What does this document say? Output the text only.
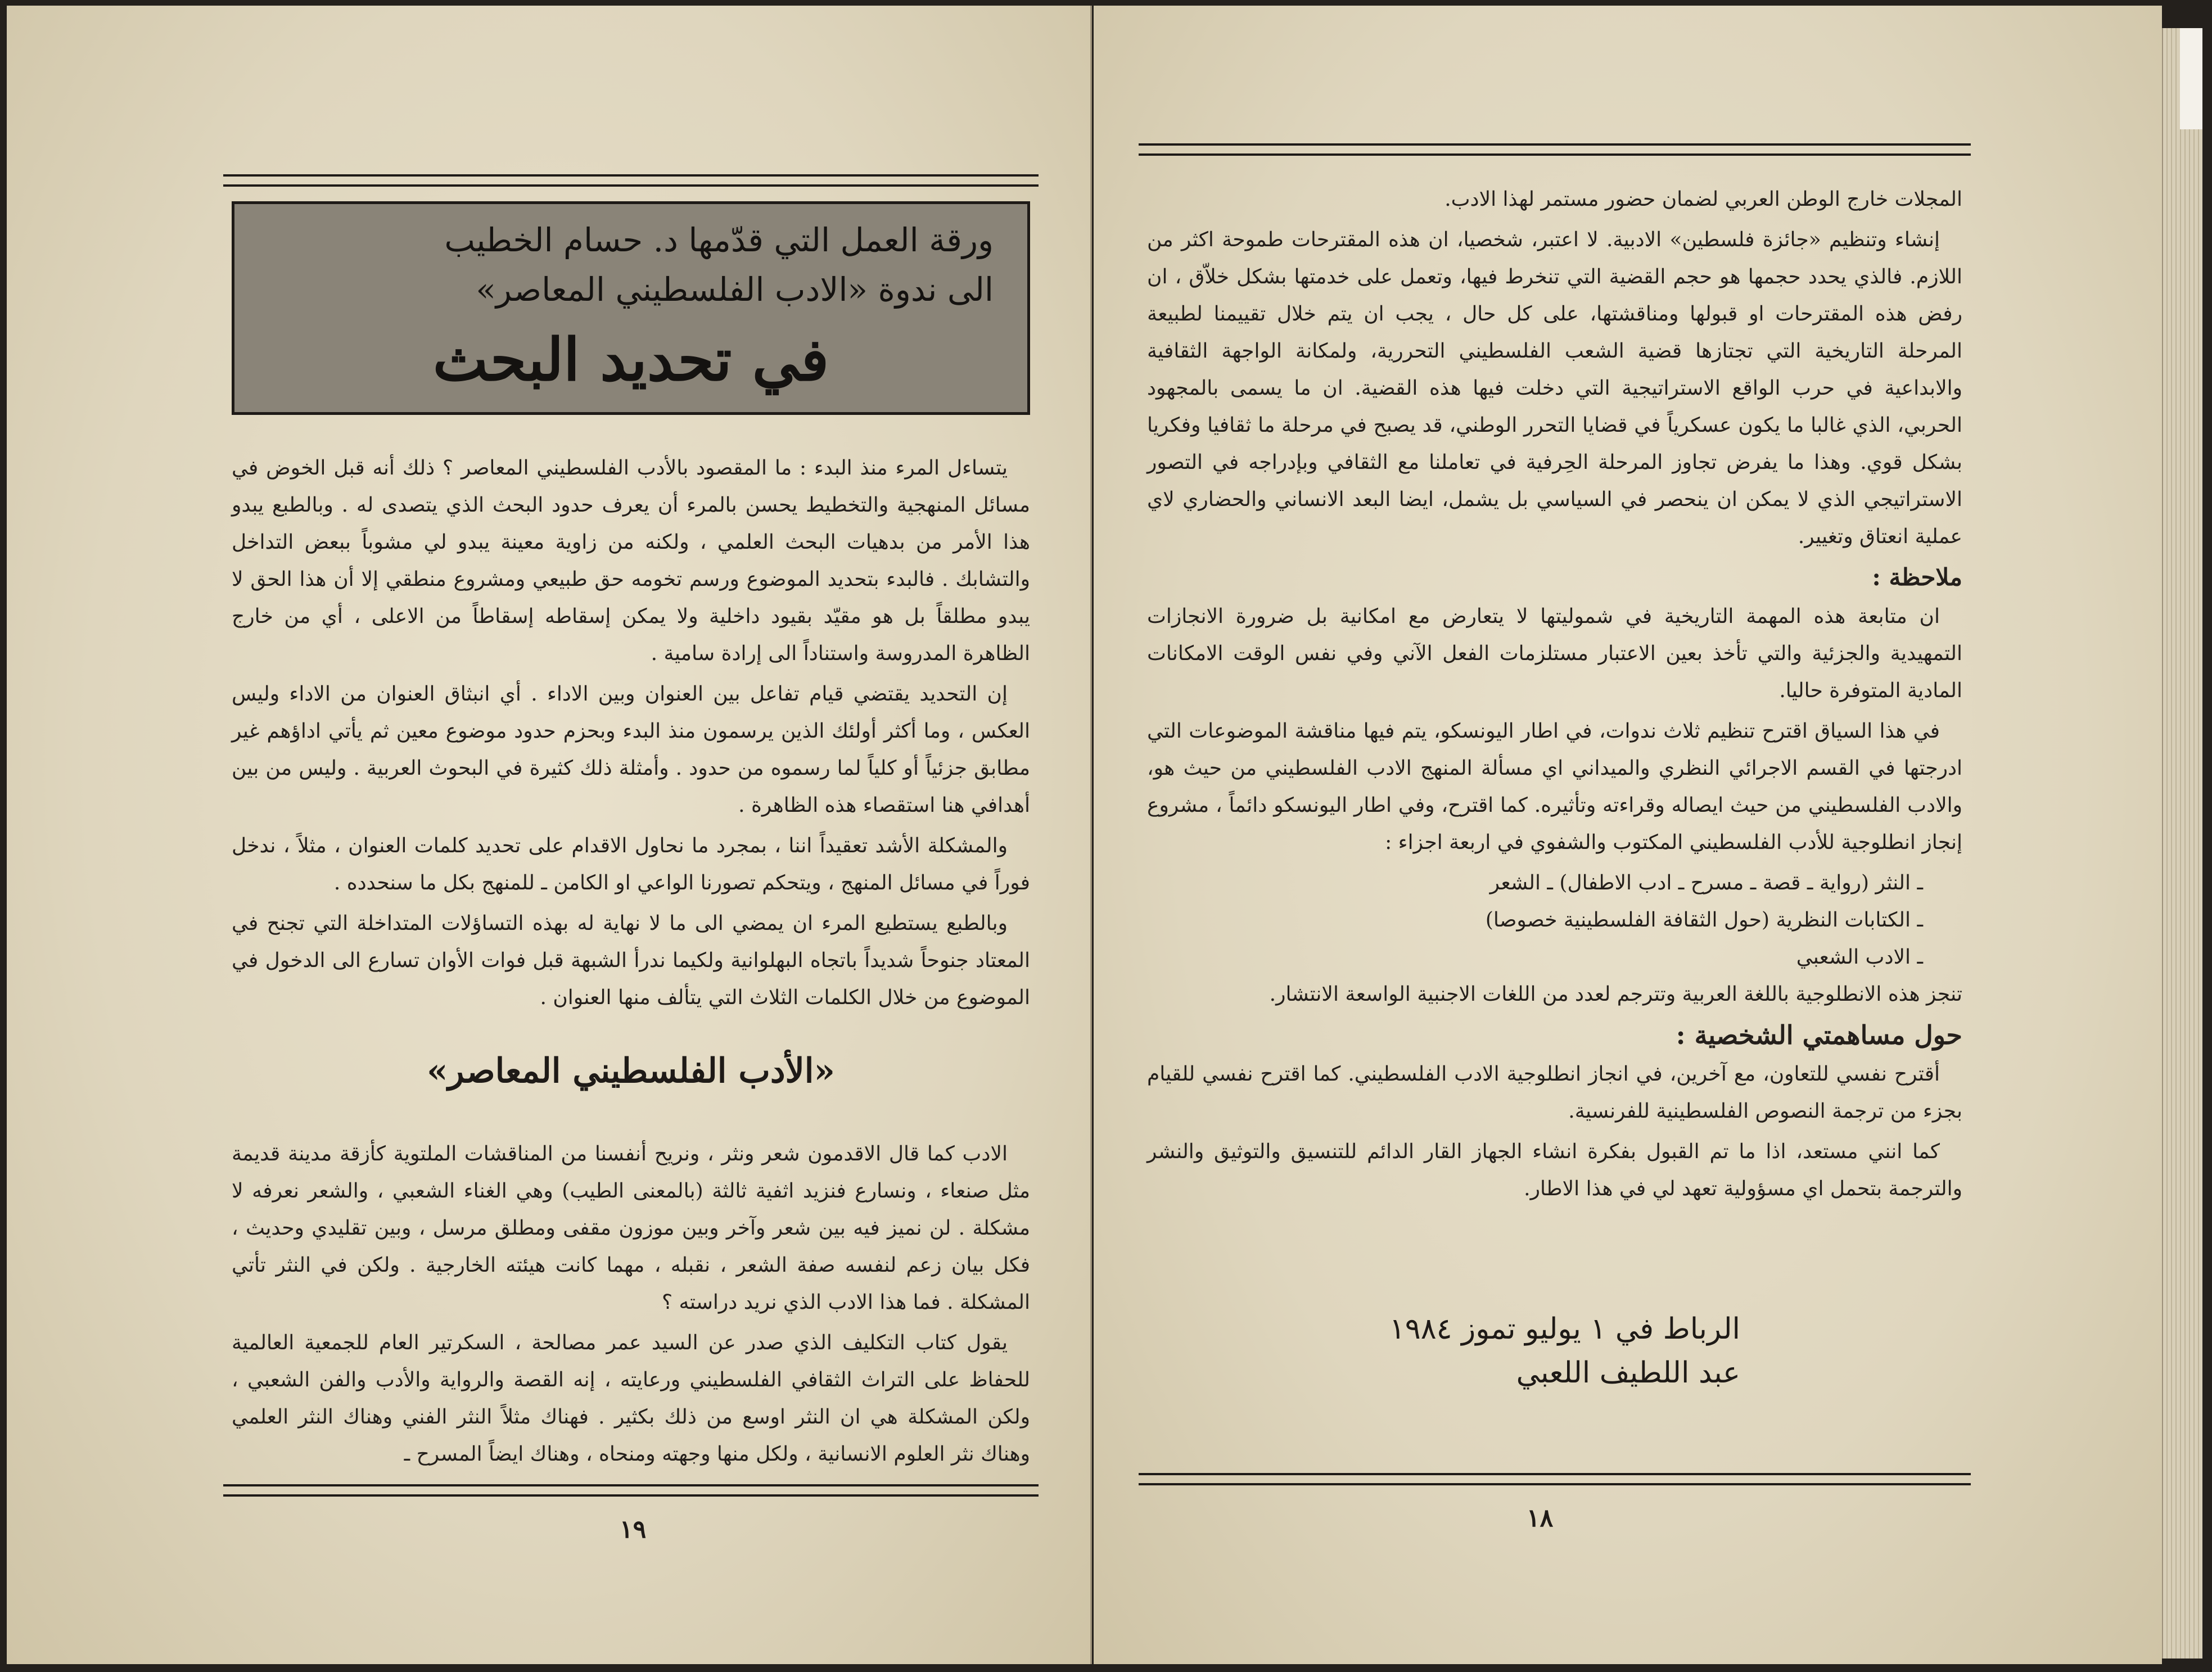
ورقة العمل التي قدّمها د. حسام الخطيب
الى ندوة «الادب الفلسطيني المعاصر»
في تحديد البحث

يتساءل المرء منذ البدء : ما المقصود بالأدب الفلسطيني المعاصر ؟ ذلك أنه قبل الخوض في مسائل المنهجية والتخطيط يحسن بالمرء أن يعرف حدود البحث الذي يتصدى له . وبالطبع يبدو هذا الأمر من بدهيات البحث العلمي ، ولكنه من زاوية معينة يبدو لي مشوباً ببعض التداخل والتشابك . فالبدء بتحديد الموضوع ورسم تخومه حق طبيعي ومشروع منطقي إلا أن هذا الحق لا يبدو مطلقاً بل هو مقيّد بقيود داخلية ولا يمكن إسقاطه إسقاطاً من الاعلى ، أي من خارج الظاهرة المدروسة واستناداً الى إرادة سامية .

إن التحديد يقتضي قيام تفاعل بين العنوان وبين الاداء . أي انبثاق العنوان من الاداء وليس العكس ، وما أكثر أولئك الذين يرسمون منذ البدء وبحزم حدود موضوع معين ثم يأتي اداؤهم غير مطابق جزئياً أو كلياً لما رسموه من حدود . وأمثلة ذلك كثيرة في البحوث العربية . وليس من بين أهدافي هنا استقصاء هذه الظاهرة .

والمشكلة الأشد تعقيداً اننا ، بمجرد ما نحاول الاقدام على تحديد كلمات العنوان ، مثلاً ، ندخل فوراً في مسائل المنهج ، ويتحكم تصورنا الواعي او الكامن ـ للمنهج بكل ما سنحدده .

وبالطبع يستطيع المرء ان يمضي الى ما لا نهاية له بهذه التساؤلات المتداخلة التي تجنح في المعتاد جنوحاً شديداً باتجاه البهلوانية ولكيما ندرأ الشبهة قبل فوات الأوان تسارع الى الدخول في الموضوع من خلال الكلمات الثلاث التي يتألف منها العنوان .

«الأدب الفلسطيني المعاصر»

الادب كما قال الاقدمون شعر ونثر ، ونريح أنفسنا من المناقشات الملتوية كأزقة مدينة قديمة مثل صنعاء ، ونسارع فنزيد اثفية ثالثة (بالمعنى الطيب) وهي الغناء الشعبي ، والشعر نعرفه لا مشكلة . لن نميز فيه بين شعر وآخر وبين موزون مقفى ومطلق مرسل ، وبين تقليدي وحديث ، فكل بيان زعم لنفسه صفة الشعر ، نقبله ، مهما كانت هيئته الخارجية . ولكن في النثر تأتي المشكلة . فما هذا الادب الذي نريد دراسته ؟

يقول كتاب التكليف الذي صدر عن السيد عمر مصالحة ، السكرتير العام للجمعية العالمية للحفاظ على التراث الثقافي الفلسطيني ورعايته ، إنه القصة والرواية والأدب والفن الشعبي ، ولكن المشكلة هي ان النثر اوسع من ذلك بكثير . فهناك مثلاً النثر الفني وهناك النثر العلمي وهناك نثر العلوم الانسانية ، ولكل منها وجهته ومنحاه ، وهناك ايضاً المسرح ـ

١٩

المجلات خارج الوطن العربي لضمان حضور مستمر لهذا الادب.

إنشاء وتنظيم «جائزة فلسطين» الادبية. لا اعتبر، شخصيا، ان هذه المقترحات طموحة اكثر من اللازم. فالذي يحدد حجمها هو حجم القضية التي تنخرط فيها، وتعمل على خدمتها بشكل خلاّق ، ان رفض هذه المقترحات او قبولها ومناقشتها، على كل حال ، يجب ان يتم خلال تقييمنا لطبيعة المرحلة التاريخية التي تجتازها قضية الشعب الفلسطيني التحررية، ولمكانة الواجهة الثقافية والابداعية في حرب الواقع الاستراتيجية التي دخلت فيها هذه القضية. ان ما يسمى بالمجهود الحربي، الذي غالبا ما يكون عسكرياً في قضايا التحرر الوطني، قد يصبح في مرحلة ما ثقافيا وفكريا بشكل قوي. وهذا ما يفرض تجاوز المرحلة الحِرفية في تعاملنا مع الثقافي وبإدراجه في التصور الاستراتيجي الذي لا يمكن ان ينحصر في السياسي بل يشمل، ايضا البعد الانساني والحضاري لاي عملية انعتاق وتغيير.

ملاحظة :

ان متابعة هذه المهمة التاريخية في شموليتها لا يتعارض مع امكانية بل ضرورة الانجازات التمهيدية والجزئية والتي تأخذ بعين الاعتبار مستلزمات الفعل الآني وفي نفس الوقت الامكانات المادية المتوفرة حاليا.

في هذا السياق اقترح تنظيم ثلاث ندوات، في اطار اليونسكو، يتم فيها مناقشة الموضوعات التي ادرجتها في القسم الاجرائي النظري والميداني اي مسألة المنهج الادب الفلسطيني من حيث هو، والادب الفلسطيني من حيث ايصاله وقراءته وتأثيره. كما اقترح، وفي اطار اليونسكو دائماً ، مشروع إنجاز انطلوجية للأدب الفلسطيني المكتوب والشفوي في اربعة اجزاء :

ـ النثر (رواية ـ قصة ـ مسرح ـ ادب الاطفال) ـ الشعر

ـ الكتابات النظرية (حول الثقافة الفلسطينية خصوصا)

ـ الادب الشعبي

تنجز هذه الانطلوجية باللغة العربية وتترجم لعدد من اللغات الاجنبية الواسعة الانتشار.

حول مساهمتي الشخصية :

أقترح نفسي للتعاون، مع آخرين، في انجاز انطلوجية الادب الفلسطيني. كما اقترح نفسي للقيام بجزء من ترجمة النصوص الفلسطينية للفرنسية.

كما انني مستعد، اذا ما تم القبول بفكرة انشاء الجهاز القار الدائم للتنسيق والتوثيق والنشر والترجمة بتحمل اي مسؤولية تعهد لي في هذا الاطار.

الرباط في ١ يوليو تموز ١٩٨٤
عبد اللطيف اللعبي
١٨
